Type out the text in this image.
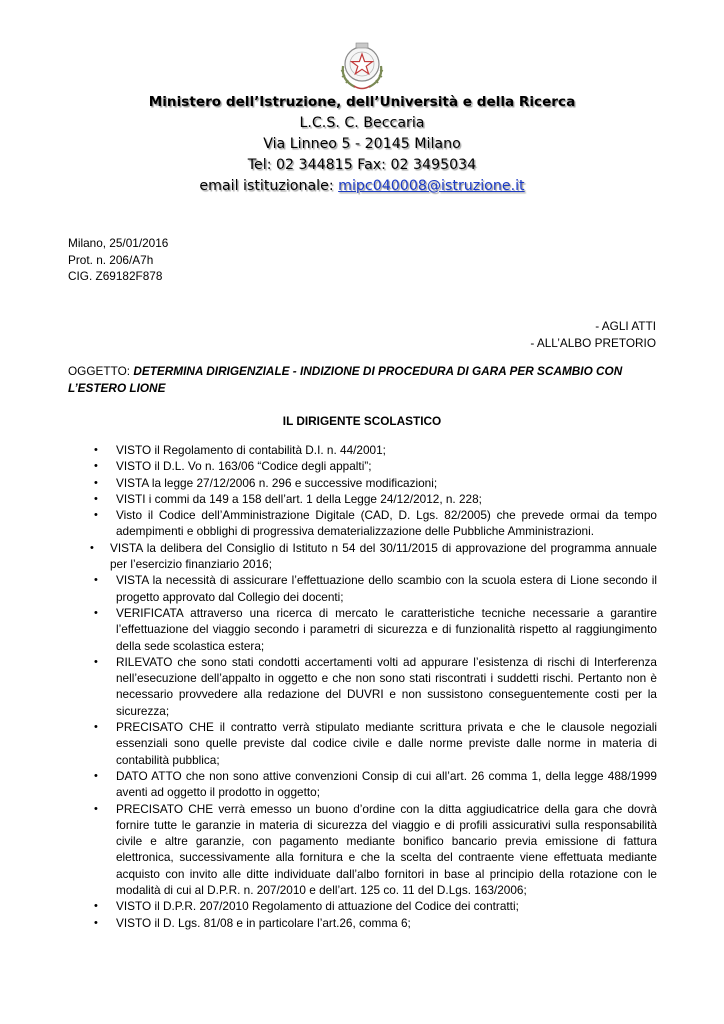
Ministero dell’Istruzione, dell’Università e della Ricerca
L.C.S. C. Beccaria
Via Linneo 5 - 20145 Milano
Tel: 02 344815 Fax: 02 3495034
email istituzionale: mipc040008@istruzione.it
Milano, 25/01/2016
Prot. n. 206/A7h
CIG. Z69182F878
- AGLI ATTI
- ALL’ALBO PRETORIO
OGGETTO: DETERMINA DIRIGENZIALE - INDIZIONE DI PROCEDURA DI GARA PER SCAMBIO CON L’ESTERO LIONE
IL DIRIGENTE SCOLASTICO
• VISTO il Regolamento di contabilità D.I. n. 44/2001;
• VISTO il D.L. Vo n. 163/06 “Codice degli appalti”;
• VISTA la legge 27/12/2006 n. 296 e successive modificazioni;
• VISTI i commi da 149 a 158 dell’art. 1 della Legge 24/12/2012, n. 228;
• Visto il Codice dell’Amministrazione Digitale (CAD, D. Lgs. 82/2005) che prevede ormai da tempo adempimenti e obblighi di progressiva dematerializzazione delle Pubbliche Amministrazioni.
• VISTA la delibera del Consiglio di Istituto n 54 del 30/11/2015 di approvazione del programma annuale per l’esercizio finanziario 2016;
• VISTA la necessità di assicurare l’effettuazione dello scambio con la scuola estera di Lione secondo il progetto approvato dal Collegio dei docenti;
• VERIFICATA attraverso una ricerca di mercato le caratteristiche tecniche necessarie a garantire l’effettuazione del viaggio secondo i parametri di sicurezza e di funzionalità rispetto al raggiungimento della sede scolastica estera;
• RILEVATO che sono stati condotti accertamenti volti ad appurare l’esistenza di rischi di Interferenza nell’esecuzione dell’appalto in oggetto e che non sono stati riscontrati i suddetti rischi. Pertanto non è necessario provvedere alla redazione del DUVRI e non sussistono conseguentemente costi per la sicurezza;
• PRECISATO CHE il contratto verrà stipulato mediante scrittura privata e che le clausole negoziali essenziali sono quelle previste dal codice civile e dalle norme previste dalle norme in materia di contabilità pubblica;
• DATO ATTO che non sono attive convenzioni Consip di cui all’art. 26 comma 1, della legge 488/1999 aventi ad oggetto il prodotto in oggetto;
• PRECISATO CHE verrà emesso un buono d’ordine con la ditta aggiudicatrice della gara che dovrà fornire tutte le garanzie in materia di sicurezza del viaggio e di profili assicurativi sulla responsabilità civile e altre garanzie, con pagamento mediante bonifico bancario previa emissione di fattura elettronica, successivamente alla fornitura e che la scelta del contraente viene effettuata mediante acquisto con invito alle ditte individuate dall’albo fornitori in base al principio della rotazione con le modalità di cui al D.P.R. n. 207/2010 e dell’art. 125 co. 11 del D.Lgs. 163/2006;
• VISTO il D.P.R. 207/2010 Regolamento di attuazione del Codice dei contratti;
• VISTO il D. Lgs. 81/08 e in particolare l’art.26, comma 6;
